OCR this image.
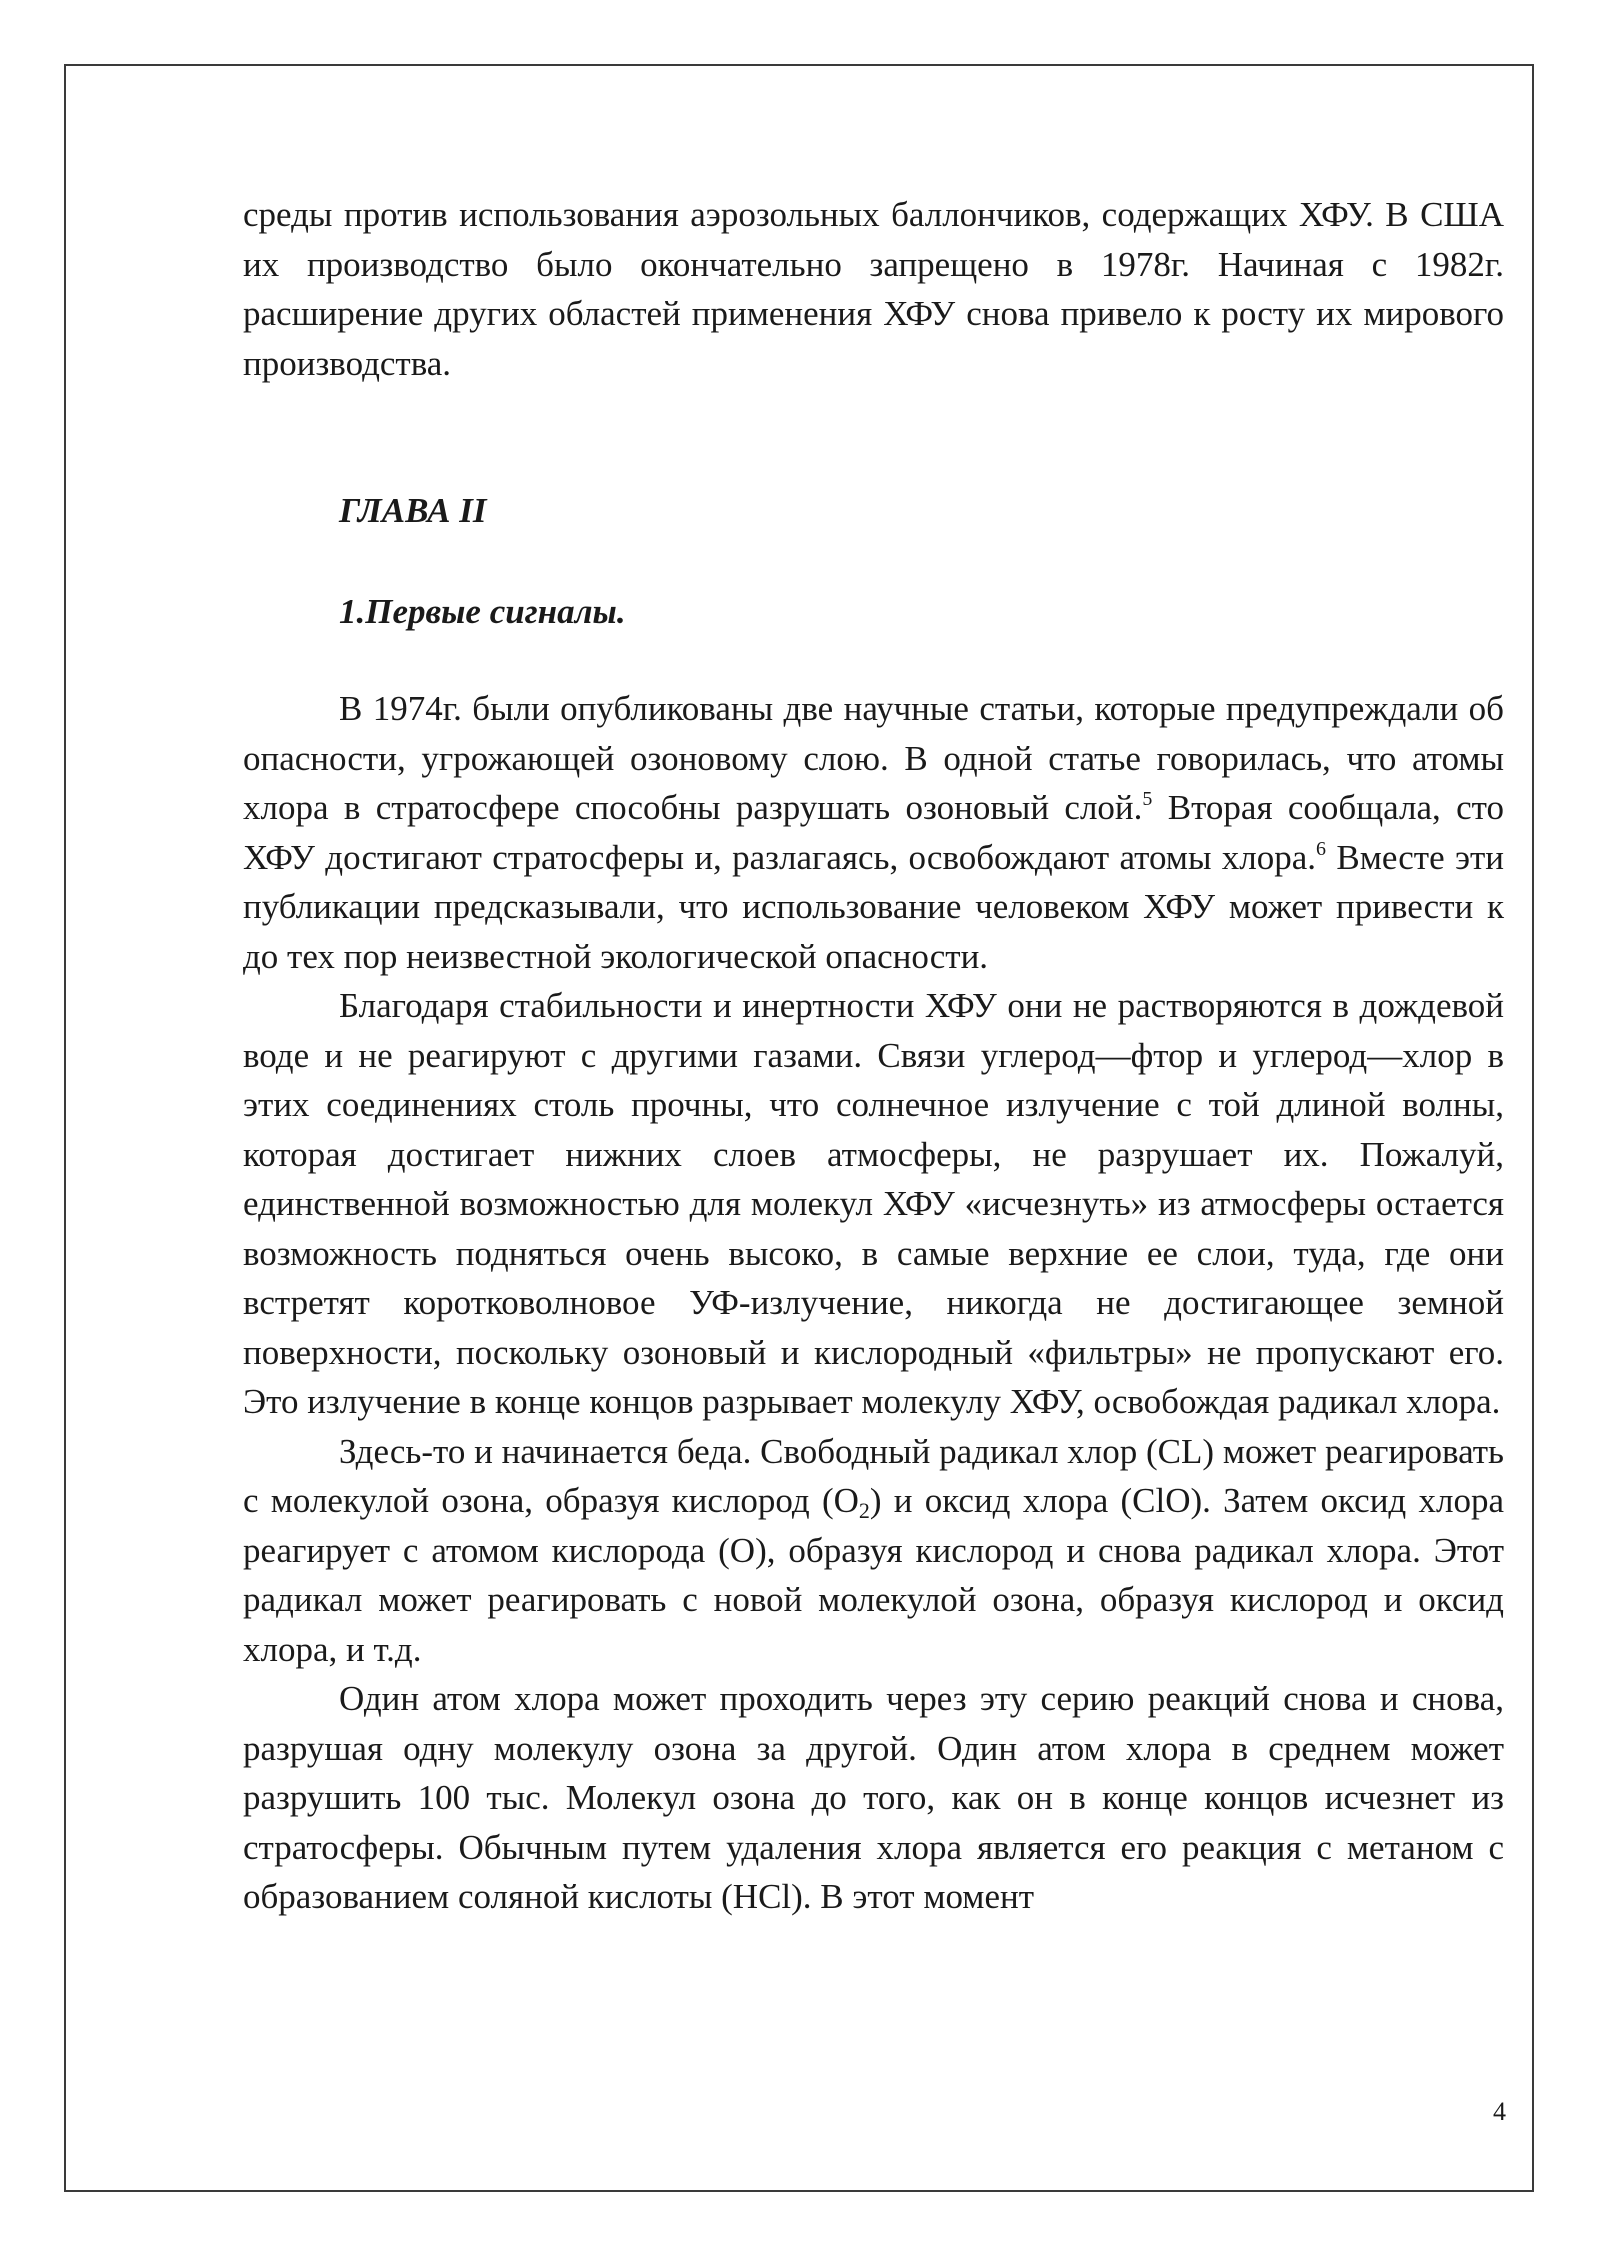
среды против использования аэрозольных баллончиков, содержащих ХФУ. В США их производство было окончательно запрещено в 1978г. Начиная с 1982г. расширение других областей применения ХФУ снова привело к росту их мирового производства.

ГЛАВА II

1.Первые сигналы.

В 1974г. были опубликованы две научные статьи, которые предупреждали об опасности, угрожающей озоновому слою. В одной статье говорилась, что атомы хлора в стратосфере способны разрушать озоновый слой.$^5$ Вторая сообщала, сто ХФУ достигают стратосферы и, разлагаясь, освобождают атомы хлора.$^6$ Вместе эти публикации предсказывали, что использование человеком ХФУ может привести к до тех пор неизвестной экологической опасности.

Благодаря стабильности и инертности ХФУ они не растворяются в дождевой воде и не реагируют с другими газами. Связи углерод—фтор и углерод—хлор в этих соединениях столь прочны, что солнечное излучение с той длиной волны, которая достигает нижних слоев атмосферы, не разрушает их. Пожалуй, единственной возможностью для молекул ХФУ «исчезнуть» из атмосферы остается возможность подняться очень высоко, в самые верхние ее слои, туда, где они встретят коротковолновое УФ-излучение, никогда не достигающее земной поверхности, поскольку озоновый и кислородный «фильтры» не пропускают его. Это излучение в конце концов разрывает молекулу ХФУ, освобождая радикал хлора.

Здесь-то и начинается беда. Свободный радикал хлор (CL) может реагировать с молекулой озона, образуя кислород $(O_2)$ и оксид хлора (ClO). Затем оксид хлора реагирует с атомом кислорода (O), образуя кислород и снова радикал хлора. Этот радикал может реагировать с новой молекулой озона, образуя кислород и оксид хлора, и т.д.

Один атом хлора может проходить через эту серию реакций снова и снова, разрушая одну молекулу озона за другой. Один атом хлора в среднем может разрушить 100 тыс. Молекул озона до того, как он в конце концов исчезнет из стратосферы. Обычным путем удаления хлора является его реакция с метаном с образованием соляной кислоты (HCl). В этот момент

4
